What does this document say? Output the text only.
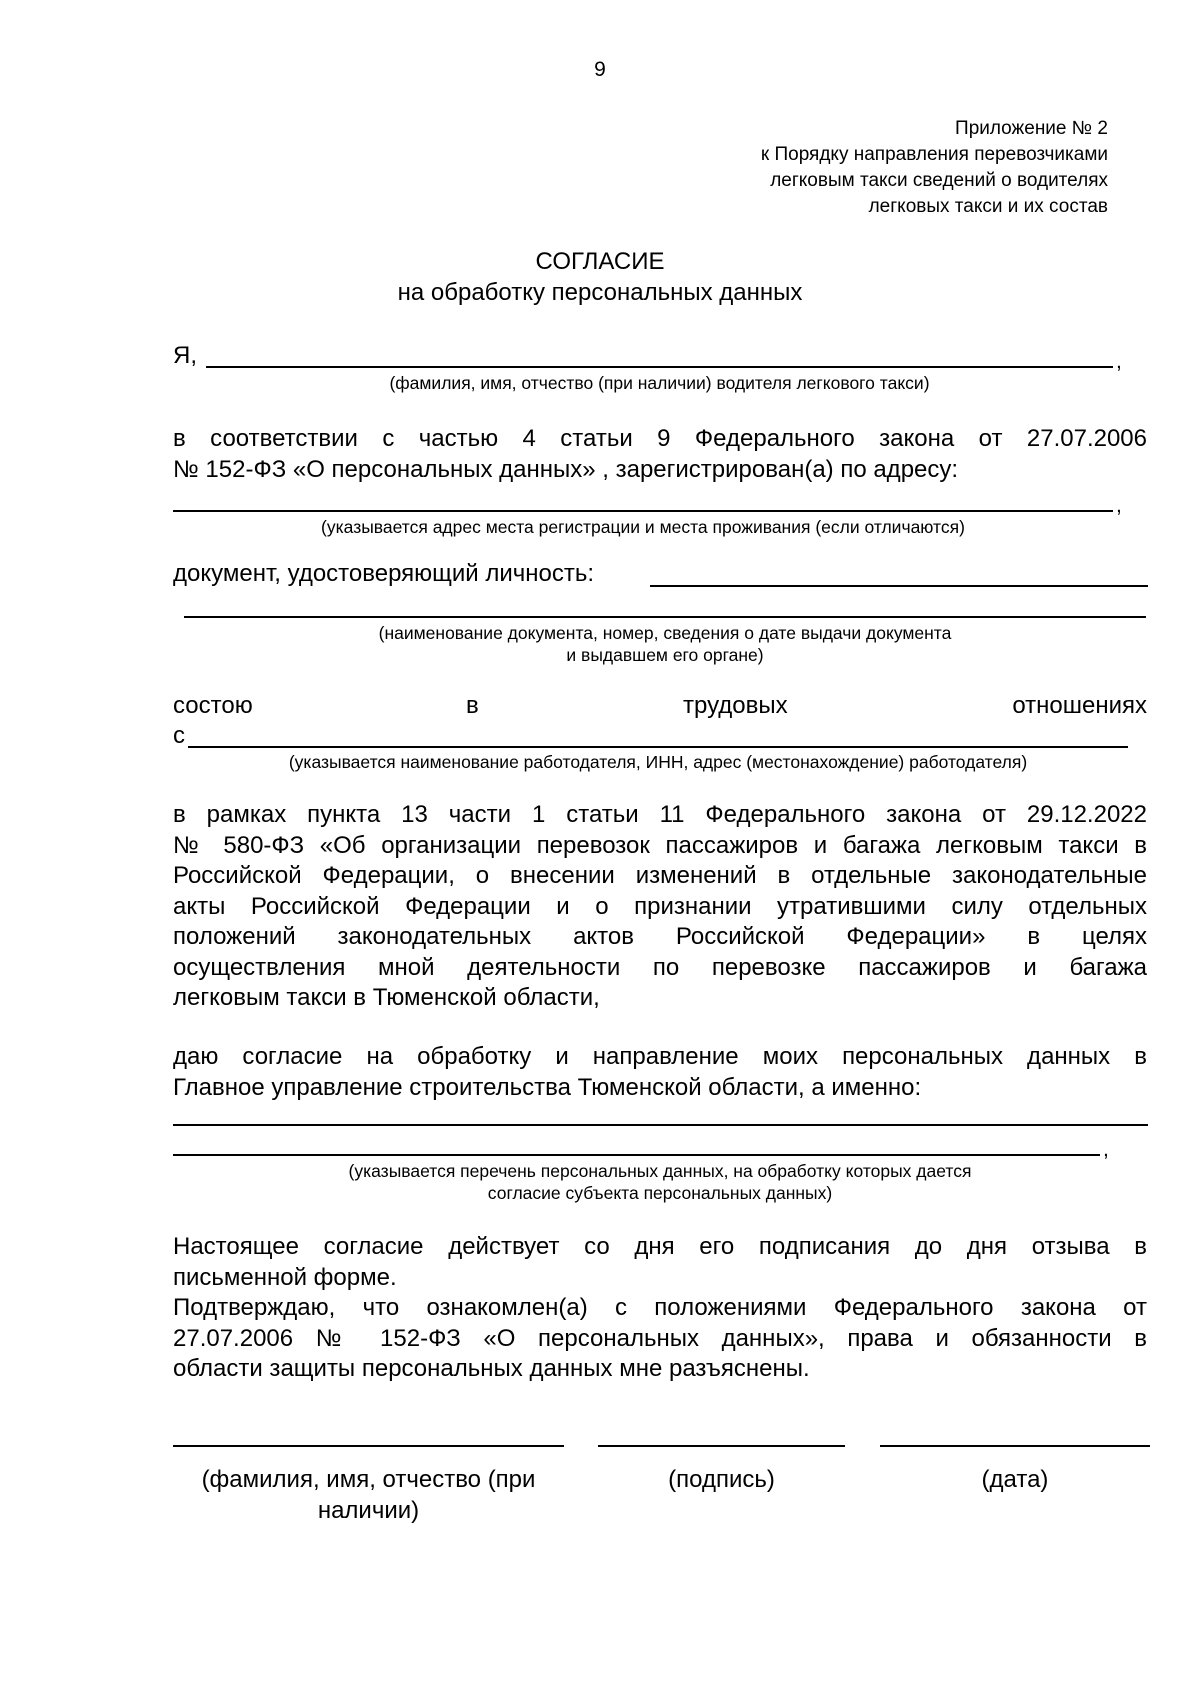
9
Приложение № 2
к Порядку направления перевозчиками
легковым такси сведений о водителях
легковых такси и их состав
СОГЛАСИЕ
на обработку персональных данных
Я,	,
(фамилия, имя, отчество (при наличии) водителя легкового такси)
в соответствии с частью 4 статьи 9 Федерального закона от 27.07.2006
№ 152-ФЗ «О персональных данных» , зарегистрирован(а) по адресу:
,
(указывается адрес места регистрации и места проживания (если отличаются)
документ, удостоверяющий личность:
(наименование документа, номер, сведения о дате выдачи документа
и выдавшем его органе)
состою	в	трудовых	отношениях
с
(указывается наименование работодателя, ИНН, адрес (местонахождение) работодателя)
в рамках пункта 13 части 1 статьи 11 Федерального закона от 29.12.2022
№ 580-ФЗ «Об организации перевозок пассажиров и багажа легковым такси в
Российской Федерации, о внесении изменений в отдельные законодательные
акты Российской Федерации и о признании утратившими силу отдельных
положений законодательных актов Российской Федерации» в целях
осуществления мной деятельности по перевозке пассажиров и багажа
легковым такси в Тюменской области,
даю согласие на обработку и направление моих персональных данных в
Главное управление строительства Тюменской области, а именно:
,
(указывается перечень персональных данных, на обработку которых дается
согласие субъекта персональных данных)
Настоящее согласие действует со дня его подписания до дня отзыва в
письменной форме.
Подтверждаю, что ознакомлен(а) с положениями Федерального закона от
27.07.2006 № 152-ФЗ «О персональных данных», права и обязанности в
области защиты персональных данных мне разъяснены.
(фамилия, имя, отчество (при
наличии)
(подпись)	(дата)
